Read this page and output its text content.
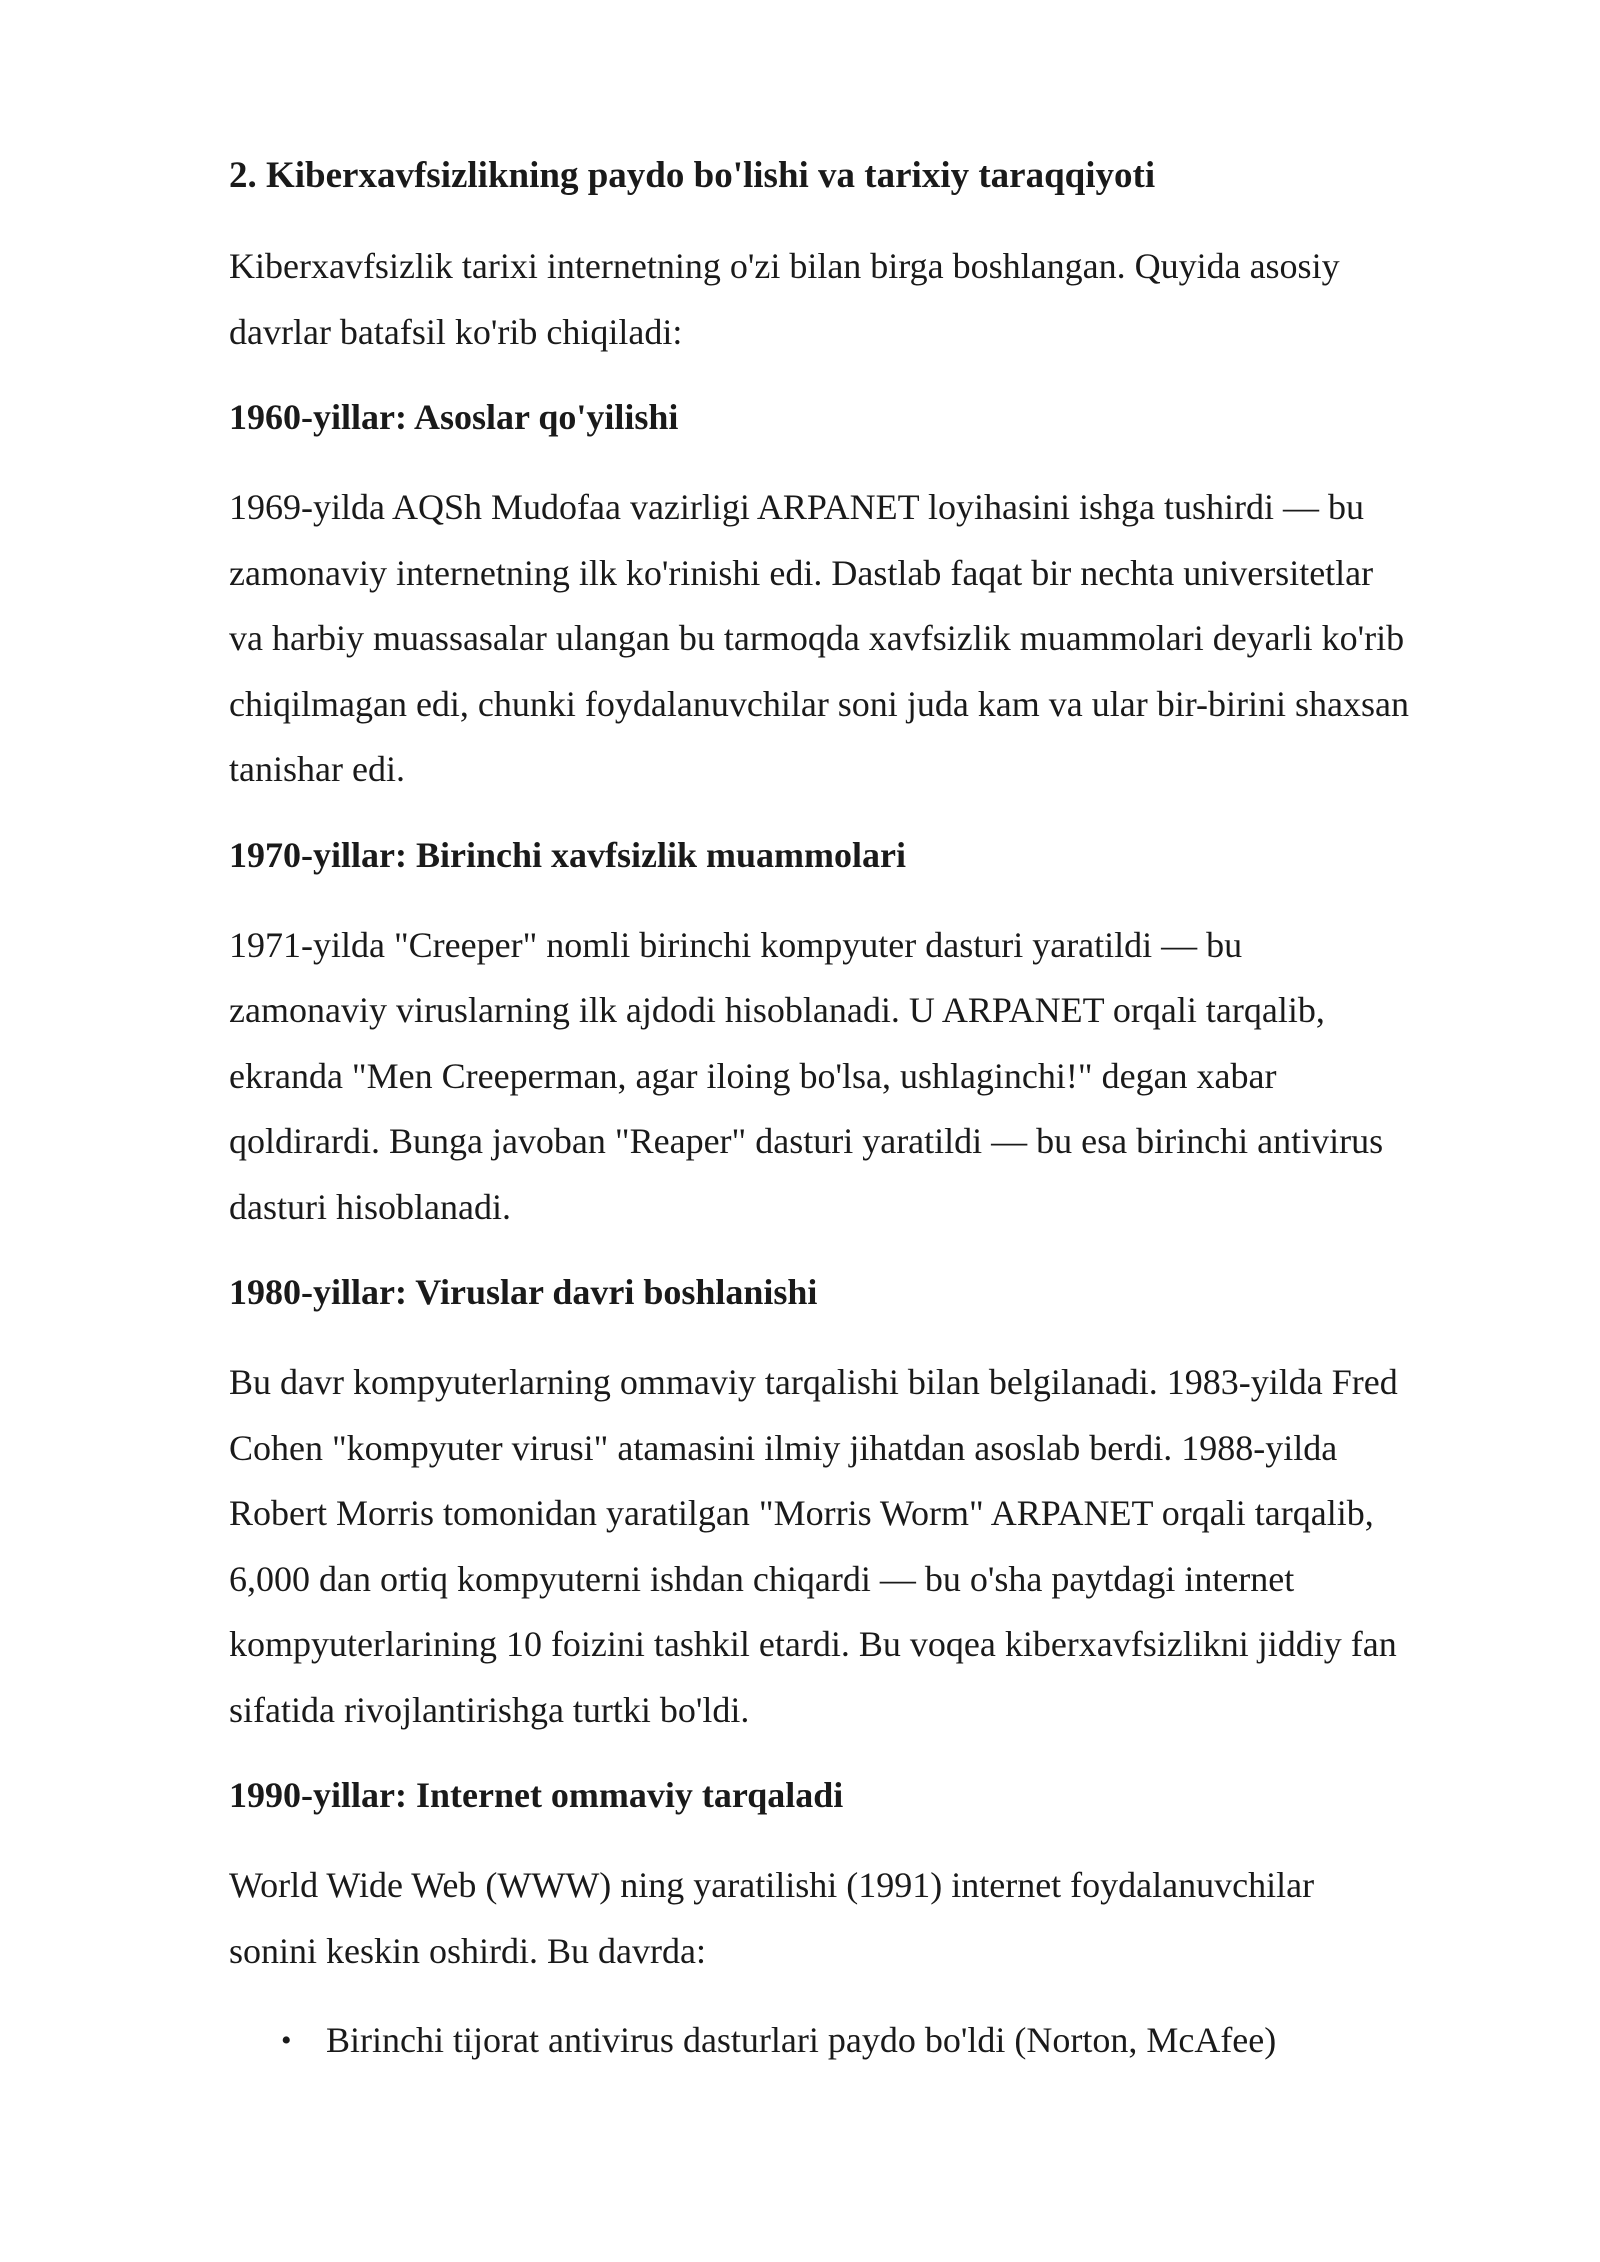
2. Kiberxavfsizlikning paydo bo'lishi va tarixiy taraqqiyoti

Kiberxavfsizlik tarixi internetning o'zi bilan birga boshlangan. Quyida asosiy davrlar batafsil ko'rib chiqiladi:

1960-yillar: Asoslar qo'yilishi

1969-yilda AQSh Mudofaa vazirligi ARPANET loyihasini ishga tushirdi — bu zamonaviy internetning ilk ko'rinishi edi. Dastlab faqat bir nechta universitetlar va harbiy muassasalar ulangan bu tarmoqda xavfsizlik muammolari deyarli ko'rib chiqilmagan edi, chunki foydalanuvchilar soni juda kam va ular bir-birini shaxsan tanishar edi.

1970-yillar: Birinchi xavfsizlik muammolari

1971-yilda "Creeper" nomli birinchi kompyuter dasturi yaratildi — bu zamonaviy viruslarning ilk ajdodi hisoblanadi. U ARPANET orqali tarqalib, ekranda "Men Creeperman, agar iloing bo'lsa, ushlaginchi!" degan xabar qoldirardi. Bunga javoban "Reaper" dasturi yaratildi — bu esa birinchi antivirus dasturi hisoblanadi.

1980-yillar: Viruslar davri boshlanishi

Bu davr kompyuterlarning ommaviy tarqalishi bilan belgilanadi. 1983-yilda Fred Cohen "kompyuter virusi" atamasini ilmiy jihatdan asoslab berdi. 1988-yilda Robert Morris tomonidan yaratilgan "Morris Worm" ARPANET orqali tarqalib, 6,000 dan ortiq kompyuterni ishdan chiqardi — bu o'sha paytdagi internet kompyuterlarining 10 foizini tashkil etardi. Bu voqea kiberxavfsizlikni jiddiy fan sifatida rivojlantirishga turtki bo'ldi.

1990-yillar: Internet ommaviy tarqaladi

World Wide Web (WWW) ning yaratilishi (1991) internet foydalanuvchilar sonini keskin oshirdi. Bu davrda:

• Birinchi tijorat antivirus dasturlari paydo bo'ldi (Norton, McAfee)
